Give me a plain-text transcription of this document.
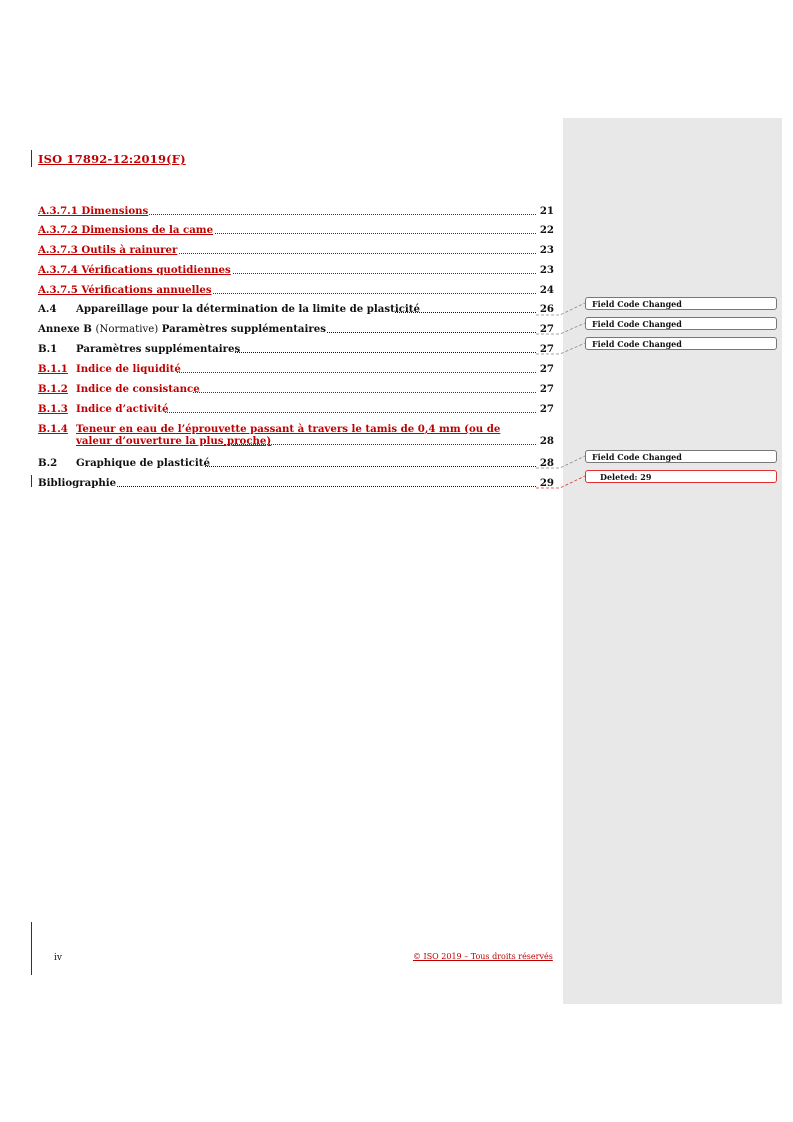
ISO 17892-12:2019(F)
A.3.7.1 Dimensions	21
A.3.7.2 Dimensions de la came	22
A.3.7.3 Outils à rainurer	23
A.3.7.4 Vérifications quotidiennes	23
A.3.7.5 Vérifications annuelles	24
A.4 Appareillage pour la détermination de la limite de plasticité	26
Annexe B (Normative) Paramètres supplémentaires	27
B.1 Paramètres supplémentaires	27
B.1.1 Indice de liquidité	27
B.1.2 Indice de consistance	27
B.1.3 Indice d’activité	27
B.1.4 Teneur en eau de l’éprouvette passant à travers le tamis de 0,4 mm (ou de valeur d’ouverture la plus proche)	28
B.2 Graphique de plasticité	28
Bibliographie	29
Field Code Changed
Field Code Changed
Field Code Changed
Field Code Changed
Deleted: 29
iv	© ISO 2019 – Tous droits réservés
